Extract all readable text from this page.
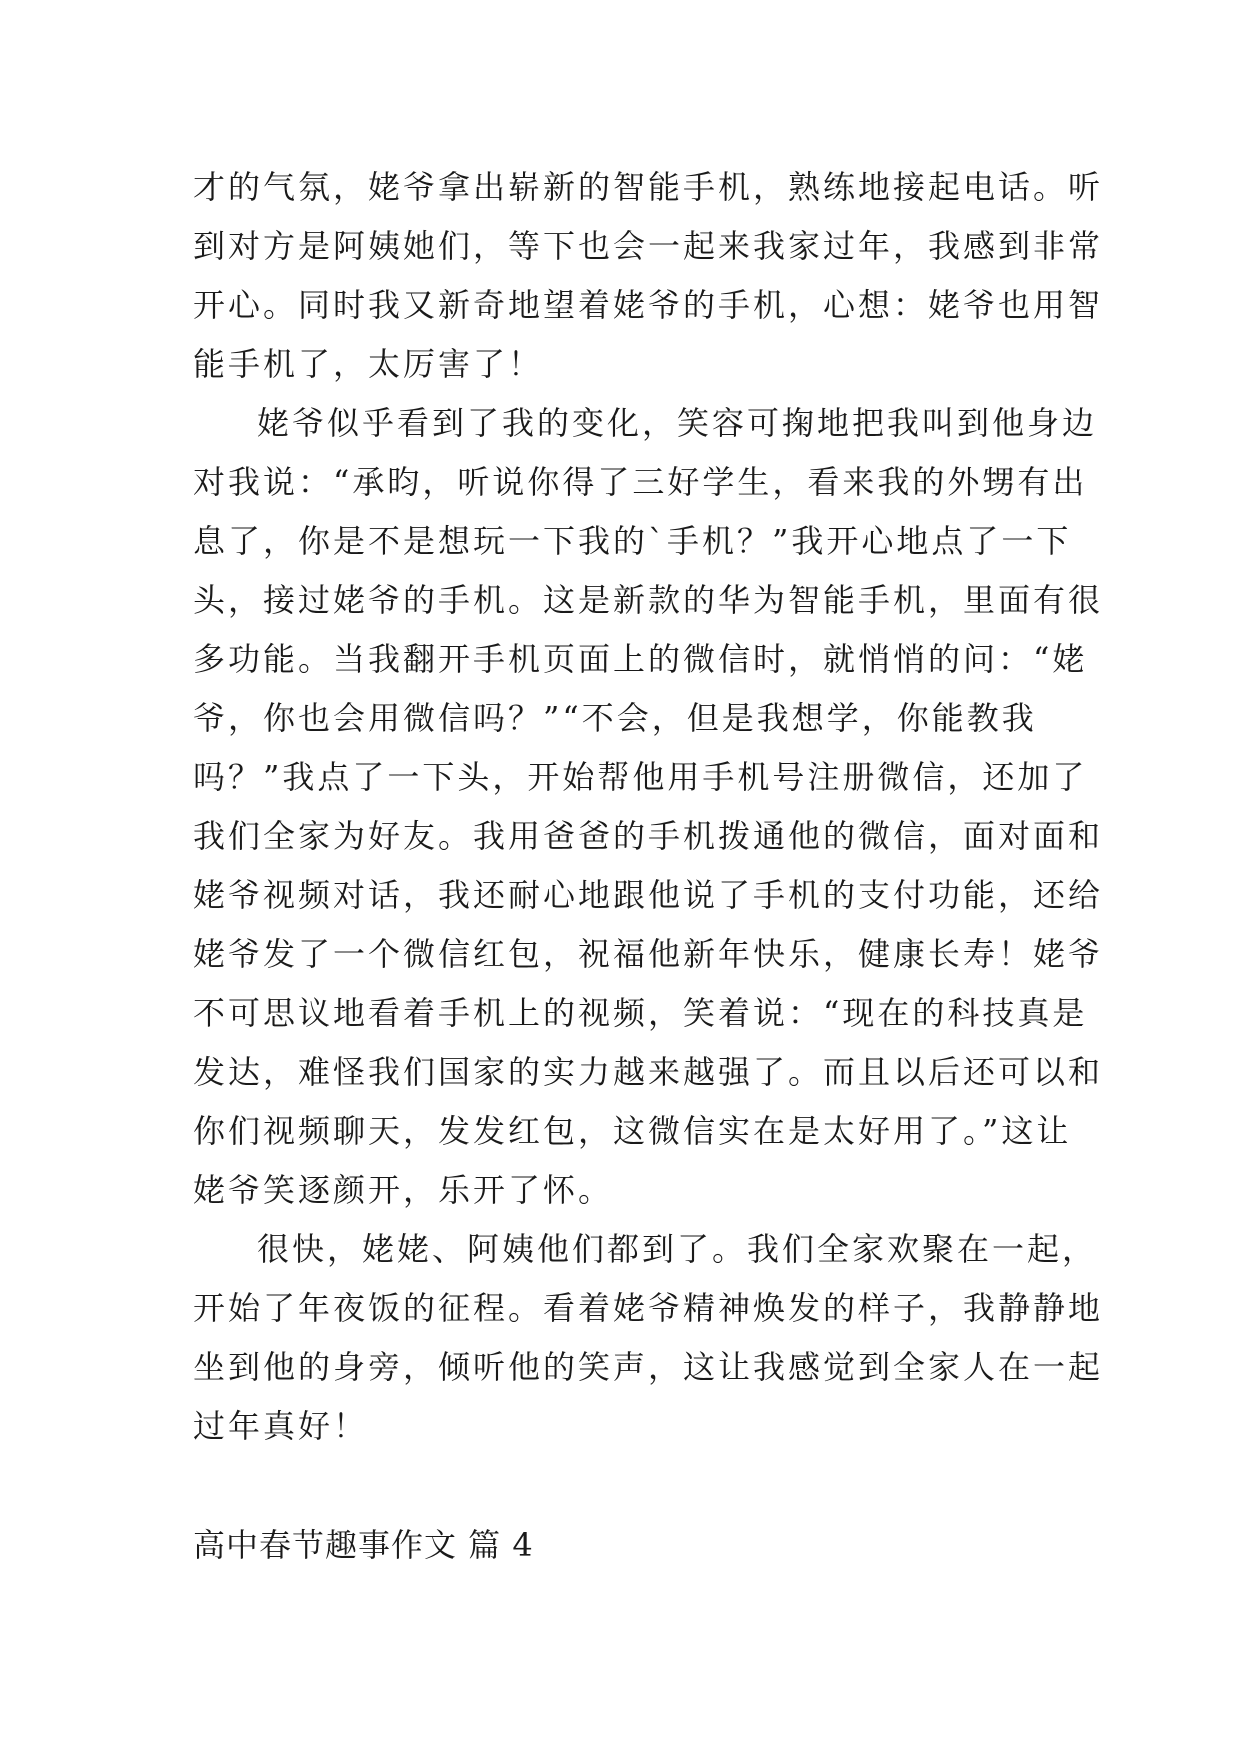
才的气氛，姥爷拿出崭新的智能手机，熟练地接起电话。听
到对方是阿姨她们，等下也会一起来我家过年，我感到非常
开心。同时我又新奇地望着姥爷的手机，心想：姥爷也用智
能手机了，太厉害了！
姥爷似乎看到了我的变化，笑容可掬地把我叫到他身边
对我说：“承昀，听说你得了三好学生，看来我的外甥有出
息了，你是不是想玩一下我的`手机？”我开心地点了一下
头，接过姥爷的手机。这是新款的华为智能手机，里面有很
多功能。当我翻开手机页面上的微信时，就悄悄的问：“姥
爷，你也会用微信吗？”“不会，但是我想学，你能教我
吗？”我点了一下头，开始帮他用手机号注册微信，还加了
我们全家为好友。我用爸爸的手机拨通他的微信，面对面和
姥爷视频对话，我还耐心地跟他说了手机的支付功能，还给
姥爷发了一个微信红包，祝福他新年快乐，健康长寿！姥爷
不可思议地看着手机上的视频，笑着说：“现在的科技真是
发达，难怪我们国家的实力越来越强了。而且以后还可以和
你们视频聊天，发发红包，这微信实在是太好用了。”这让
姥爷笑逐颜开，乐开了怀。
很快，姥姥、阿姨他们都到了。我们全家欢聚在一起，
开始了年夜饭的征程。看着姥爷精神焕发的样子，我静静地
坐到他的身旁，倾听他的笑声，这让我感觉到全家人在一起
过年真好！
高中春节趣事作文 篇 4
